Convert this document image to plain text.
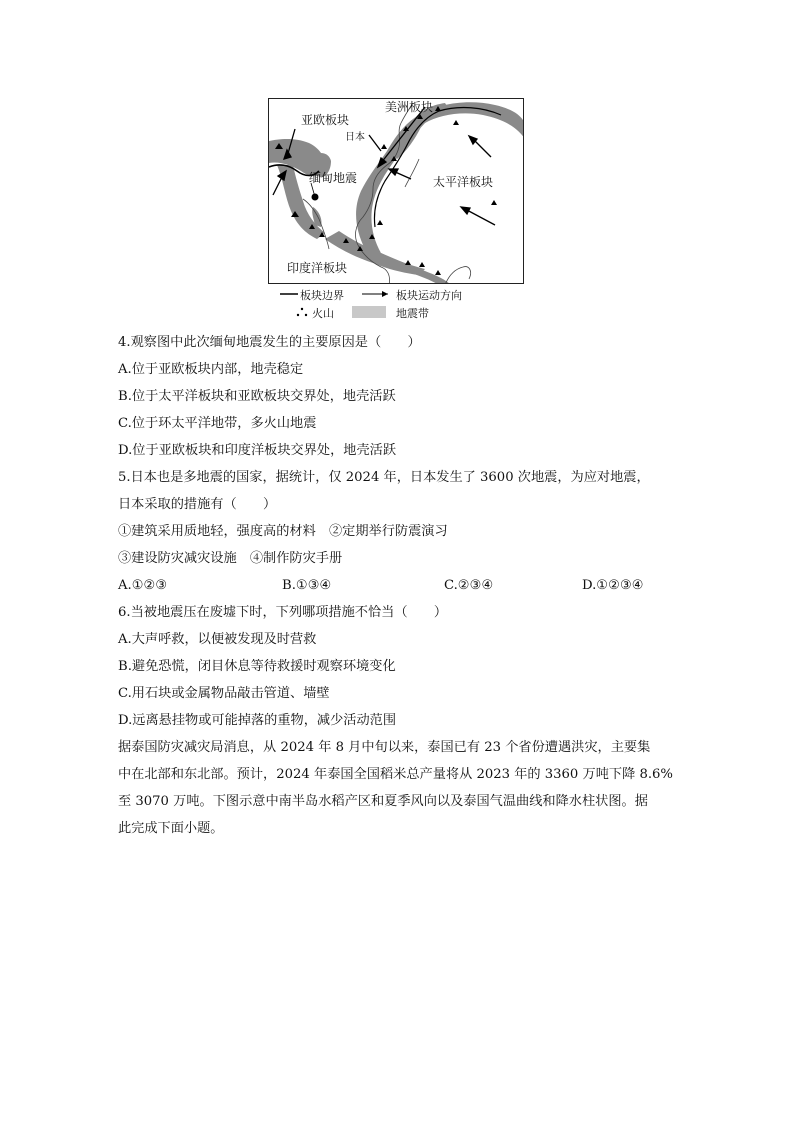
亚欧板块
美洲板块
日本
缅甸地震	太平洋板块
印度洋板块
板块边界	板块运动方向
火山	地震带
4.观察图中此次缅甸地震发生的主要原因是（　　）
A.位于亚欧板块内部，地壳稳定
B.位于太平洋板块和亚欧板块交界处，地壳活跃
C.位于环太平洋地带，多火山地震
D.位于亚欧板块和印度洋板块交界处，地壳活跃
5.日本也是多地震的国家，据统计，仅 2024 年，日本发生了 3600 次地震，为应对地震，
日本采取的措施有（　　）
①建筑采用质地轻，强度高的材料　②定期举行防震演习
③建设防灾减灾设施　④制作防灾手册
A.①②③	B.①③④	C.②③④	D.①②③④
6.当被地震压在废墟下时，下列哪项措施不恰当（　　）
A.大声呼救，以便被发现及时营救
B.避免恐慌，闭目休息等待救援时观察环境变化
C.用石块或金属物品敲击管道、墙壁
D.远离悬挂物或可能掉落的重物，减少活动范围
据泰国防灾减灾局消息，从 2024 年 8 月中旬以来，泰国已有 23 个省份遭遇洪灾，主要集
中在北部和东北部。预计，2024 年泰国全国稻米总产量将从 2023 年的 3360 万吨下降 8.6%
至 3070 万吨。下图示意中南半岛水稻产区和夏季风向以及泰国气温曲线和降水柱状图。据
此完成下面小题。
